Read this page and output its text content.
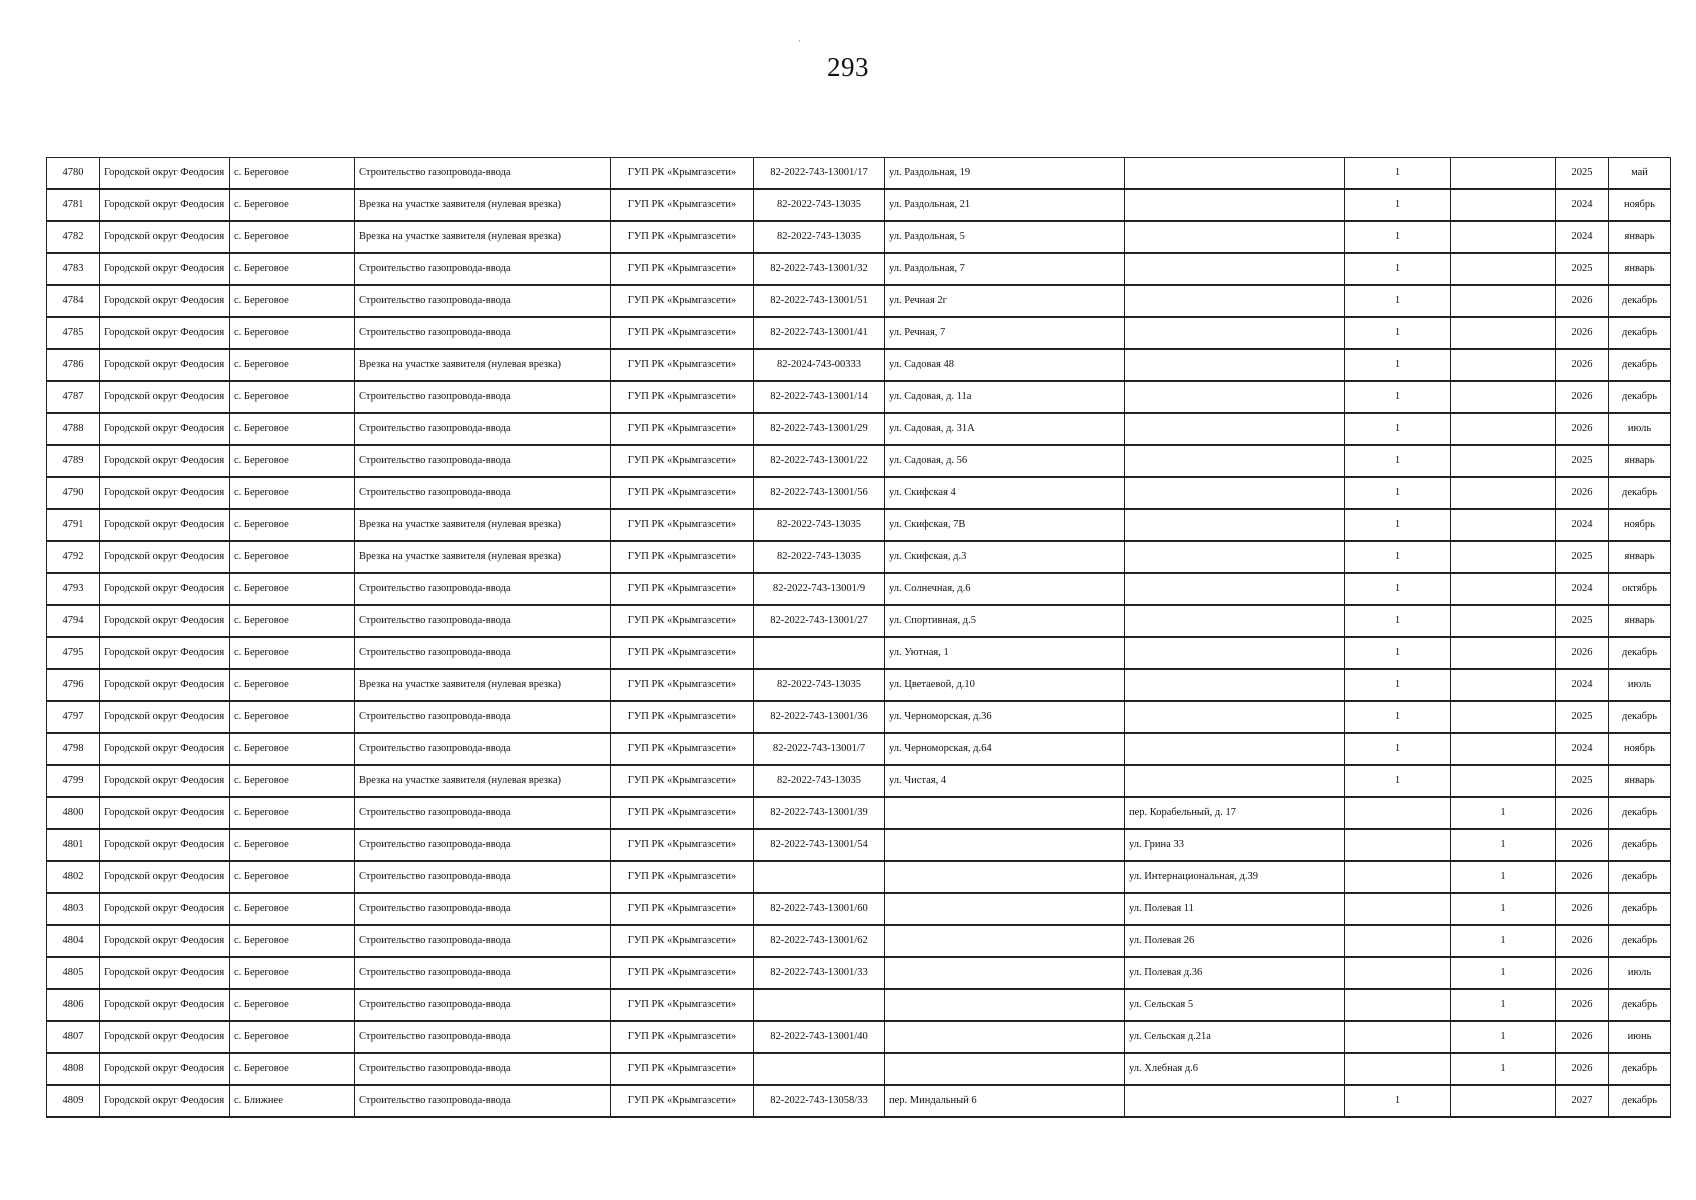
·
293
4780	Городской округ Феодосия	с. Береговое	Строительство газопровода-ввода	ГУП РК «Крымгазсети»	82-2022-743-13001/17	ул. Раздольная, 19		1		2025	май
4781	Городской округ Феодосия	с. Береговое	Врезка на участке заявителя (нулевая врезка)	ГУП РК «Крымгазсети»	82-2022-743-13035	ул. Раздольная, 21		1		2024	ноябрь
4782	Городской округ Феодосия	с. Береговое	Врезка на участке заявителя (нулевая врезка)	ГУП РК «Крымгазсети»	82-2022-743-13035	ул. Раздольная, 5		1		2024	январь
4783	Городской округ Феодосия	с. Береговое	Строительство газопровода-ввода	ГУП РК «Крымгазсети»	82-2022-743-13001/32	ул. Раздольная, 7		1		2025	январь
4784	Городской округ Феодосия	с. Береговое	Строительство газопровода-ввода	ГУП РК «Крымгазсети»	82-2022-743-13001/51	ул. Речная 2г		1		2026	декабрь
4785	Городской округ Феодосия	с. Береговое	Строительство газопровода-ввода	ГУП РК «Крымгазсети»	82-2022-743-13001/41	ул. Речная, 7		1		2026	декабрь
4786	Городской округ Феодосия	с. Береговое	Врезка на участке заявителя (нулевая врезка)	ГУП РК «Крымгазсети»	82-2024-743-00333	ул. Садовая 48		1		2026	декабрь
4787	Городской округ Феодосия	с. Береговое	Строительство газопровода-ввода	ГУП РК «Крымгазсети»	82-2022-743-13001/14	ул. Садовая, д. 11а		1		2026	декабрь
4788	Городской округ Феодосия	с. Береговое	Строительство газопровода-ввода	ГУП РК «Крымгазсети»	82-2022-743-13001/29	ул. Садовая, д. 31А		1		2026	июль
4789	Городской округ Феодосия	с. Береговое	Строительство газопровода-ввода	ГУП РК «Крымгазсети»	82-2022-743-13001/22	ул. Садовая, д. 56		1		2025	январь
4790	Городской округ Феодосия	с. Береговое	Строительство газопровода-ввода	ГУП РК «Крымгазсети»	82-2022-743-13001/56	ул. Скифская 4		1		2026	декабрь
4791	Городской округ Феодосия	с. Береговое	Врезка на участке заявителя (нулевая врезка)	ГУП РК «Крымгазсети»	82-2022-743-13035	ул. Скифская, 7В		1		2024	ноябрь
4792	Городской округ Феодосия	с. Береговое	Врезка на участке заявителя (нулевая врезка)	ГУП РК «Крымгазсети»	82-2022-743-13035	ул. Скифская, д.3		1		2025	январь
4793	Городской округ Феодосия	с. Береговое	Строительство газопровода-ввода	ГУП РК «Крымгазсети»	82-2022-743-13001/9	ул. Солнечная, д.6		1		2024	октябрь
4794	Городской округ Феодосия	с. Береговое	Строительство газопровода-ввода	ГУП РК «Крымгазсети»	82-2022-743-13001/27	ул. Спортивная, д.5		1		2025	январь
4795	Городской округ Феодосия	с. Береговое	Строительство газопровода-ввода	ГУП РК «Крымгазсети»		ул. Уютная, 1		1		2026	декабрь
4796	Городской округ Феодосия	с. Береговое	Врезка на участке заявителя (нулевая врезка)	ГУП РК «Крымгазсети»	82-2022-743-13035	ул. Цветаевой, д.10		1		2024	июль
4797	Городской округ Феодосия	с. Береговое	Строительство газопровода-ввода	ГУП РК «Крымгазсети»	82-2022-743-13001/36	ул. Черноморская, д.36		1		2025	декабрь
4798	Городской округ Феодосия	с. Береговое	Строительство газопровода-ввода	ГУП РК «Крымгазсети»	82-2022-743-13001/7	ул. Черноморская, д.64		1		2024	ноябрь
4799	Городской округ Феодосия	с. Береговое	Врезка на участке заявителя (нулевая врезка)	ГУП РК «Крымгазсети»	82-2022-743-13035	ул. Чистая, 4		1		2025	январь
4800	Городской округ Феодосия	с. Береговое	Строительство газопровода-ввода	ГУП РК «Крымгазсети»	82-2022-743-13001/39		пер. Корабельный, д. 17		1	2026	декабрь
4801	Городской округ Феодосия	с. Береговое	Строительство газопровода-ввода	ГУП РК «Крымгазсети»	82-2022-743-13001/54		ул. Грина 33		1	2026	декабрь
4802	Городской округ Феодосия	с. Береговое	Строительство газопровода-ввода	ГУП РК «Крымгазсети»			ул. Интернациональная, д.39		1	2026	декабрь
4803	Городской округ Феодосия	с. Береговое	Строительство газопровода-ввода	ГУП РК «Крымгазсети»	82-2022-743-13001/60		ул. Полевая 11		1	2026	декабрь
4804	Городской округ Феодосия	с. Береговое	Строительство газопровода-ввода	ГУП РК «Крымгазсети»	82-2022-743-13001/62		ул. Полевая 26		1	2026	декабрь
4805	Городской округ Феодосия	с. Береговое	Строительство газопровода-ввода	ГУП РК «Крымгазсети»	82-2022-743-13001/33		ул. Полевая д.36		1	2026	июль
4806	Городской округ Феодосия	с. Береговое	Строительство газопровода-ввода	ГУП РК «Крымгазсети»			ул. Сельская 5		1	2026	декабрь
4807	Городской округ Феодосия	с. Береговое	Строительство газопровода-ввода	ГУП РК «Крымгазсети»	82-2022-743-13001/40		ул. Сельская д.21а		1	2026	июнь
4808	Городской округ Феодосия	с. Береговое	Строительство газопровода-ввода	ГУП РК «Крымгазсети»			ул. Хлебная д.6		1	2026	декабрь
4809	Городской округ Феодосия	с. Ближнее	Строительство газопровода-ввода	ГУП РК «Крымгазсети»	82-2022-743-13058/33	пер. Миндальный 6		1		2027	декабрь
